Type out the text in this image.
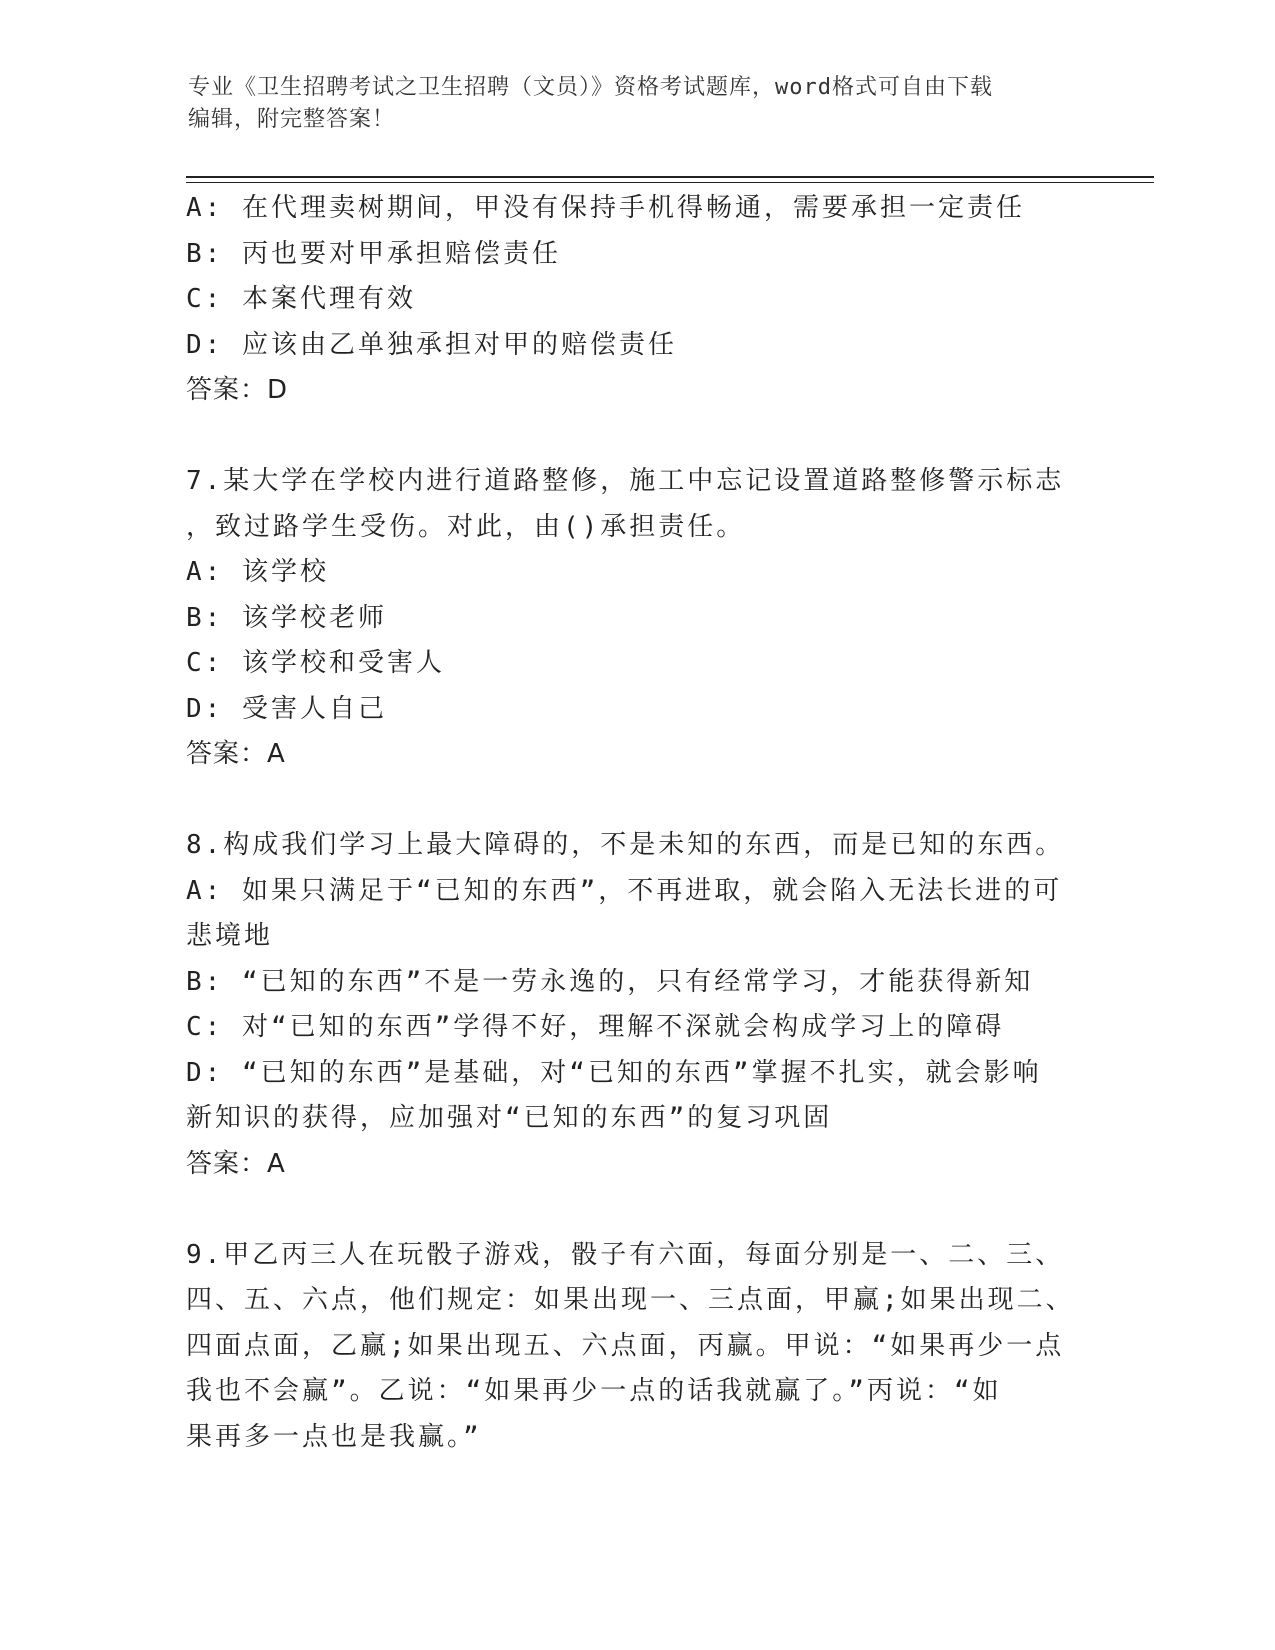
专业《卫生招聘考试之卫生招聘（文员）》资格考试题库，word格式可自由下载
编辑，附完整答案！
A: 在代理卖树期间，甲没有保持手机得畅通，需要承担一定责任
B: 丙也要对甲承担赔偿责任
C: 本案代理有效
D: 应该由乙单独承担对甲的赔偿责任
答案：D
7.某大学在学校内进行道路整修，施工中忘记设置道路整修警示标志
，致过路学生受伤。对此，由()承担责任。
A: 该学校
B: 该学校老师
C: 该学校和受害人
D: 受害人自己
答案：A
8.构成我们学习上最大障碍的，不是未知的东西，而是已知的东西。
A: 如果只满足于“已知的东西”，不再进取，就会陷入无法长进的可
悲境地
B: “已知的东西”不是一劳永逸的，只有经常学习，才能获得新知
C: 对“已知的东西”学得不好，理解不深就会构成学习上的障碍
D: “已知的东西”是基础，对“已知的东西”掌握不扎实，就会影响
新知识的获得，应加强对“已知的东西”的复习巩固
答案：A
9.甲乙丙三人在玩骰子游戏，骰子有六面，每面分别是一、二、三、
四、五、六点，他们规定：如果出现一、三点面，甲赢;如果出现二、
四面点面，乙赢;如果出现五、六点面，丙赢。甲说：“如果再少一点
我也不会赢”。乙说：“如果再少一点的话我就赢了。”丙说：“如
果再多一点也是我赢。”
